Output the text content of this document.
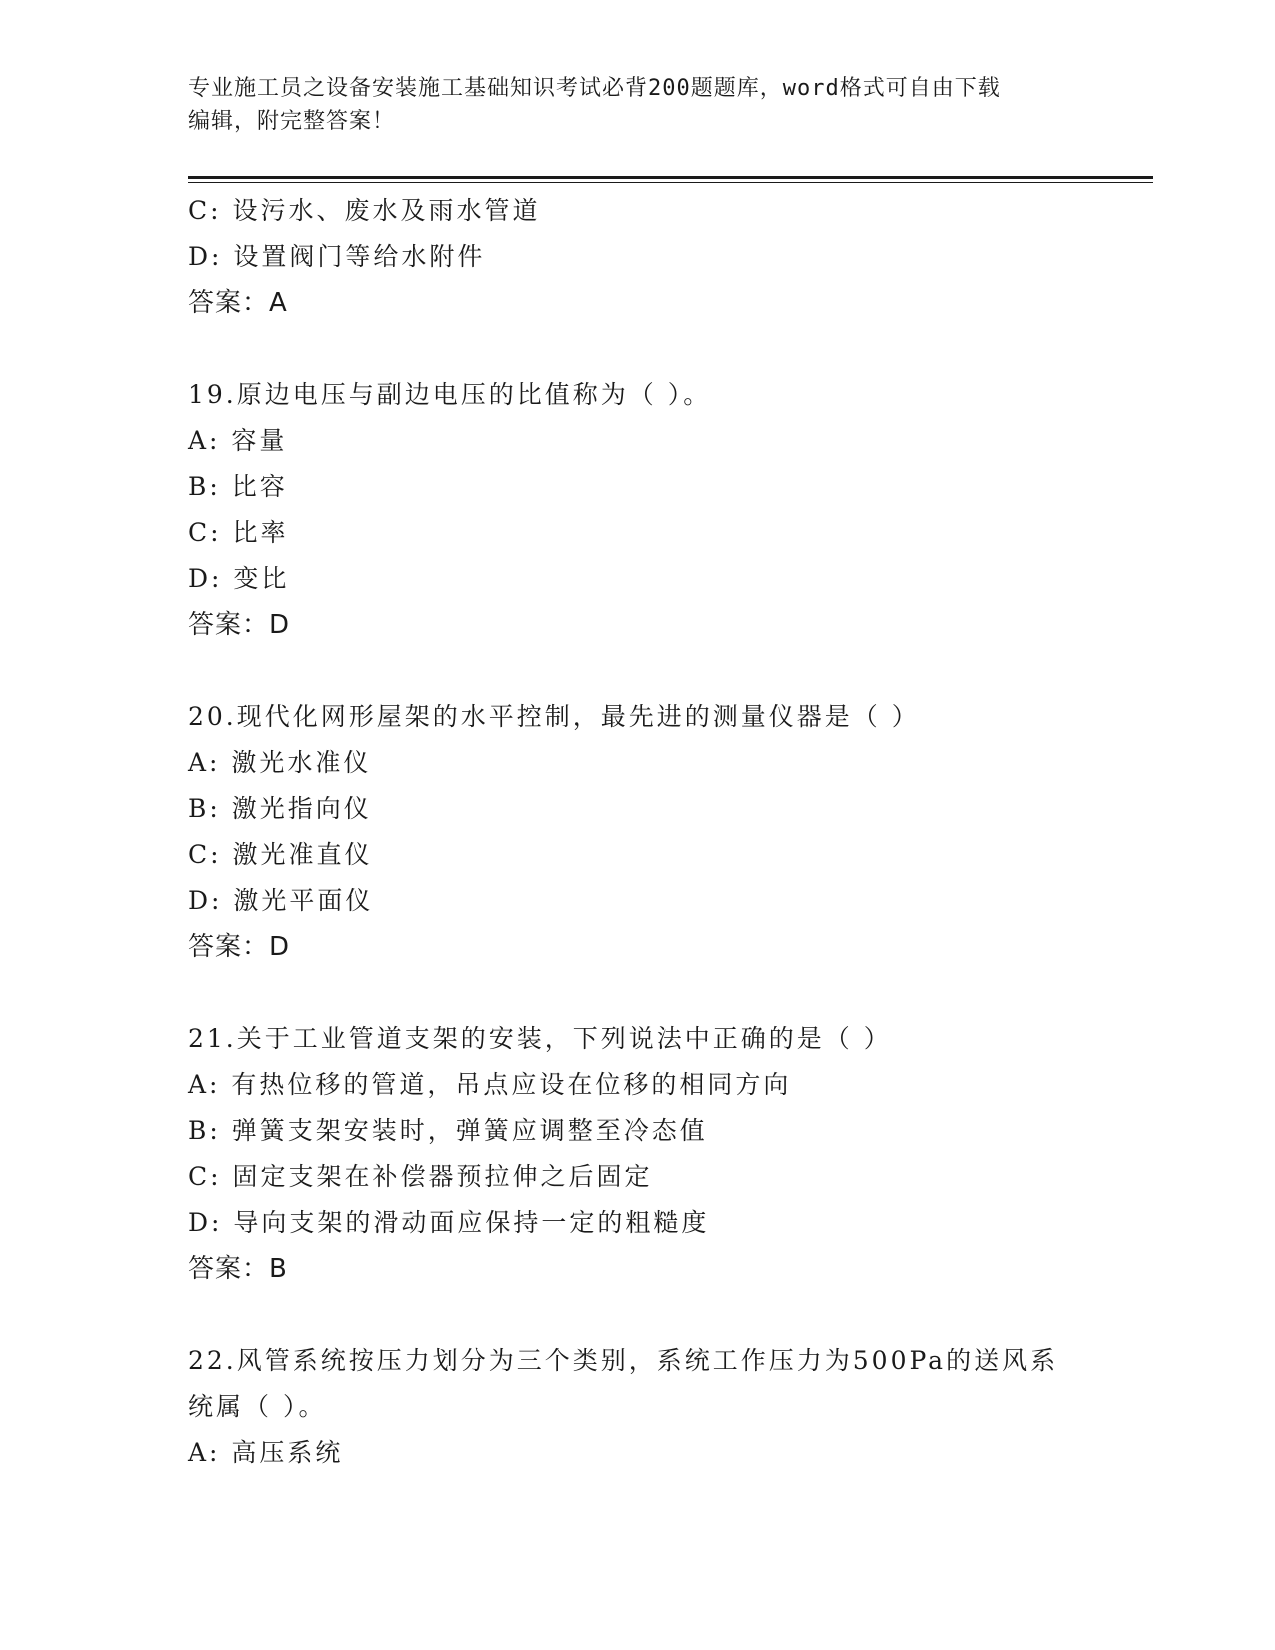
专业施工员之设备安装施工基础知识考试必背200题题库，word格式可自由下载
编辑，附完整答案！
C: 设污水、废水及雨水管道
D: 设置阀门等给水附件
答案：A
19.原边电压与副边电压的比值称为（ ）。
A: 容量
B: 比容
C: 比率
D: 变比
答案：D
20.现代化网形屋架的水平控制，最先进的测量仪器是（ ）
A: 激光水准仪
B: 激光指向仪
C: 激光准直仪
D: 激光平面仪
答案：D
21.关于工业管道支架的安装，下列说法中正确的是（ ）
A: 有热位移的管道，吊点应设在位移的相同方向
B: 弹簧支架安装时，弹簧应调整至冷态值
C: 固定支架在补偿器预拉伸之后固定
D: 导向支架的滑动面应保持一定的粗糙度
答案：B
22.风管系统按压力划分为三个类别，系统工作压力为500Pa的送风系
统属（ ）。
A: 高压系统
